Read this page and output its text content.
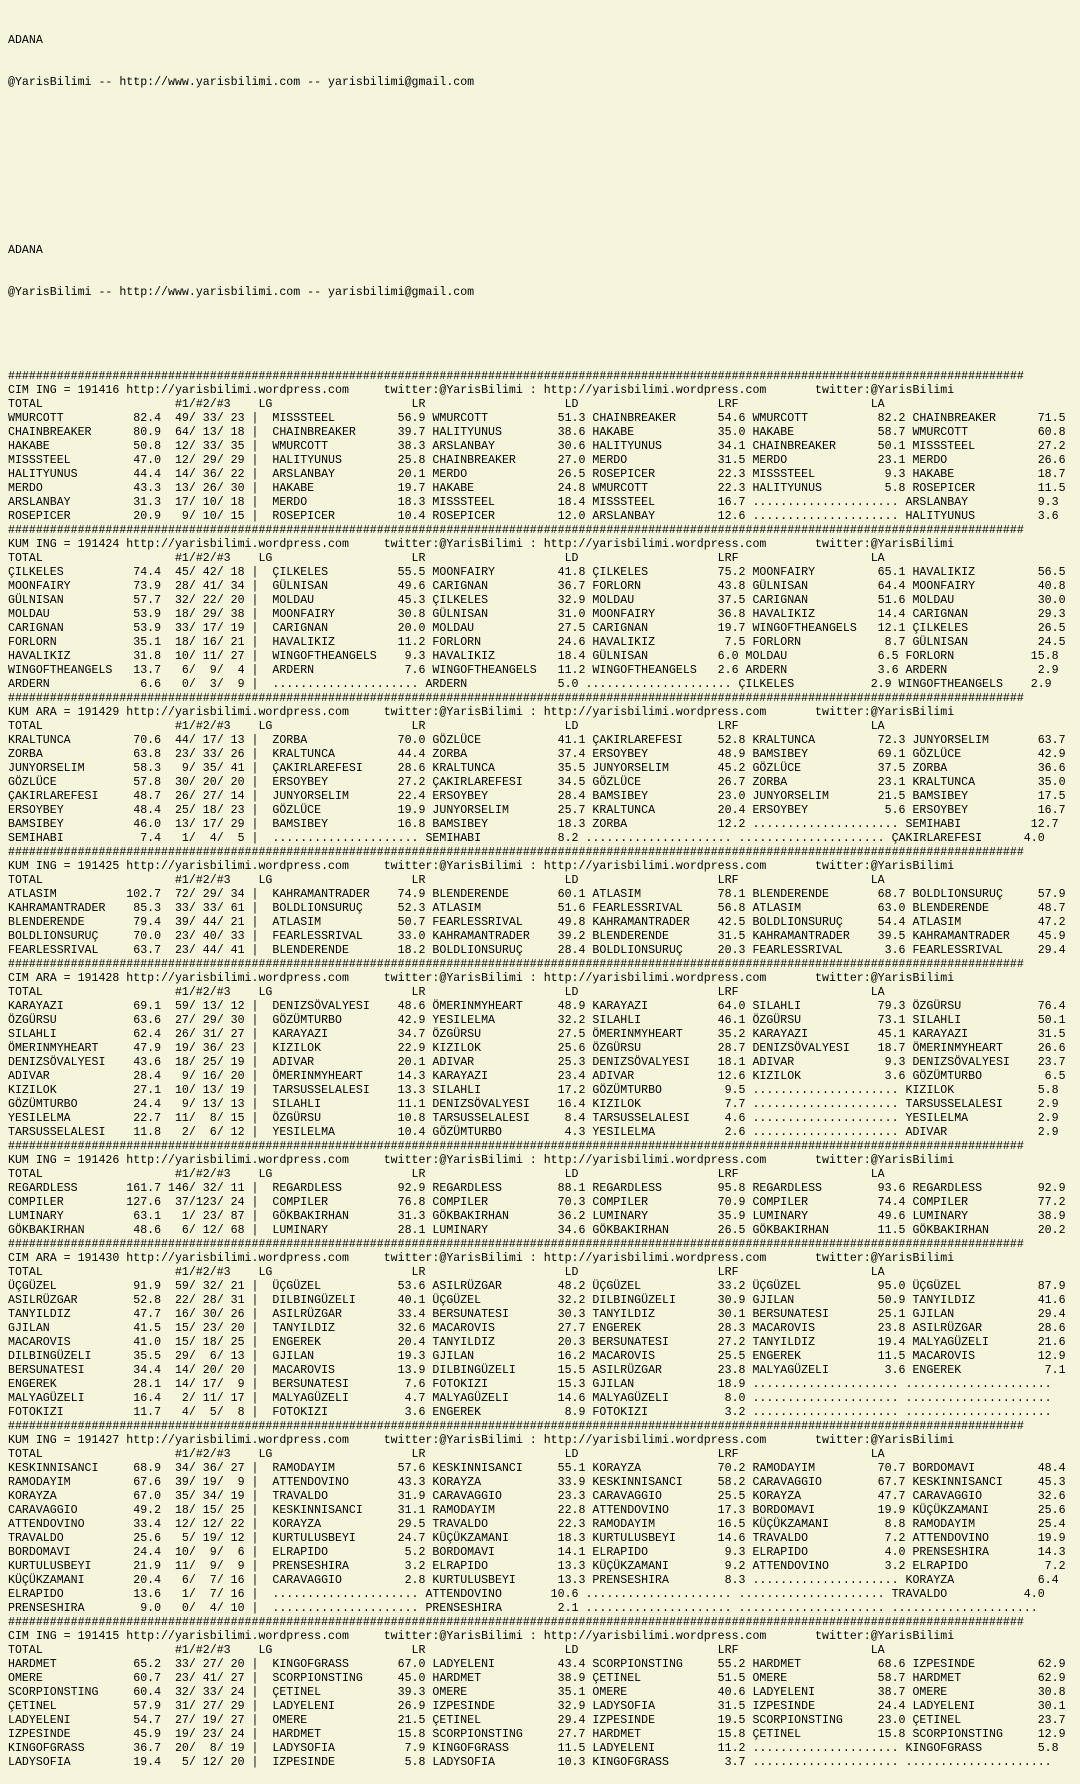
ADANA

@YarisBilimi -- http://www.yarisbilimi.com -- yarisbilimi@gmail.com

ADANA

@YarisBilimi -- http://www.yarisbilimi.com -- yarisbilimi@gmail.com

##################################################################################################################################################
CIM ING = 191416 http://yarisbilimi.wordpress.com     twitter:@YarisBilimi : http://yarisbilimi.wordpress.com       twitter:@YarisBilimi
TOTAL                   #1/#2/#3    LG                    LR                    LD                    LRF                   LA
WMURCOTT          82.4  49/ 33/ 23 |  MISSSTEEL         56.9 WMURCOTT          51.3 CHAINBREAKER      54.6 WMURCOTT          82.2 CHAINBREAKER      71.5
CHAINBREAKER      80.9  64/ 13/ 18 |  CHAINBREAKER      39.7 HALITYUNUS        38.6 HAKABE            35.0 HAKABE            58.7 WMURCOTT          60.8
HAKABE            50.8  12/ 33/ 35 |  WMURCOTT          38.3 ARSLANBAY         30.6 HALITYUNUS        34.1 CHAINBREAKER      50.1 MISSSTEEL         27.2
MISSSTEEL         47.0  12/ 29/ 29 |  HALITYUNUS        25.8 CHAINBREAKER      27.0 MERDO             31.5 MERDO             23.1 MERDO             26.6
HALITYUNUS        44.4  14/ 36/ 22 |  ARSLANBAY         20.1 MERDO             26.5 ROSEPICER         22.3 MISSSTEEL          9.3 HAKABE            18.7
MERDO             43.3  13/ 26/ 30 |  HAKABE            19.7 HAKABE            24.8 WMURCOTT          22.3 HALITYUNUS         5.8 ROSEPICER         11.5
ARSLANBAY         31.3  17/ 10/ 18 |  MERDO             18.3 MISSSTEEL         18.4 MISSSTEEL         16.7 ..................... ARSLANBAY          9.3
ROSEPICER         20.9   9/ 10/ 15 |  ROSEPICER         10.4 ROSEPICER         12.0 ARSLANBAY         12.6 ..................... HALITYUNUS         3.6
##################################################################################################################################################
KUM ING = 191424 http://yarisbilimi.wordpress.com     twitter:@YarisBilimi : http://yarisbilimi.wordpress.com       twitter:@YarisBilimi
TOTAL                   #1/#2/#3    LG                    LR                    LD                    LRF                   LA
ÇILKELES          74.4  45/ 42/ 18 |  ÇILKELES          55.5 MOONFAIRY         41.8 ÇILKELES          75.2 MOONFAIRY         65.1 HAVALIKIZ         56.5
MOONFAIRY         73.9  28/ 41/ 34 |  GÜLNISAN          49.6 CARIGNAN          36.7 FORLORN           43.8 GÜLNISAN          64.4 MOONFAIRY         40.8
GÜLNISAN          57.7  32/ 22/ 20 |  MOLDAU            45.3 ÇILKELES          32.9 MOLDAU            37.5 CARIGNAN          51.6 MOLDAU            30.0
MOLDAU            53.9  18/ 29/ 38 |  MOONFAIRY         30.8 GÜLNISAN          31.0 MOONFAIRY         36.8 HAVALIKIZ         14.4 CARIGNAN          29.3
CARIGNAN          53.9  33/ 17/ 19 |  CARIGNAN          20.0 MOLDAU            27.5 CARIGNAN          19.7 WINGOFTHEANGELS   12.1 ÇILKELES          26.5
FORLORN           35.1  18/ 16/ 21 |  HAVALIKIZ         11.2 FORLORN           24.6 HAVALIKIZ          7.5 FORLORN            8.7 GÜLNISAN          24.5
HAVALIKIZ         31.8  10/ 11/ 27 |  WINGOFTHEANGELS    9.3 HAVALIKIZ         18.4 GÜLNISAN          6.0 MOLDAU             6.5 FORLORN           15.8
WINGOFTHEANGELS   13.7   6/  9/  4 |  ARDERN             7.6 WINGOFTHEANGELS   11.2 WINGOFTHEANGELS   2.6 ARDERN             3.6 ARDERN             2.9
ARDERN             6.6   0/  3/  9 |  ..................... ARDERN             5.0 ..................... ÇILKELES           2.9 WINGOFTHEANGELS    2.9
##################################################################################################################################################
KUM ARA = 191429 http://yarisbilimi.wordpress.com     twitter:@YarisBilimi : http://yarisbilimi.wordpress.com       twitter:@YarisBilimi
TOTAL                   #1/#2/#3    LG                    LR                    LD                    LRF                   LA
KRALTUNCA         70.6  44/ 17/ 13 |  ZORBA             70.0 GÖZLÜCE           41.1 ÇAKIRLAREFESI     52.8 KRALTUNCA         72.3 JUNYORSELIM       63.7
ZORBA             63.8  23/ 33/ 26 |  KRALTUNCA         44.4 ZORBA             37.4 ERSOYBEY          48.9 BAMSIBEY          69.1 GÖZLÜCE           42.9
JUNYORSELIM       58.3   9/ 35/ 41 |  ÇAKIRLAREFESI     28.6 KRALTUNCA         35.5 JUNYORSELIM       45.2 GÖZLÜCE           37.5 ZORBA             36.6
GÖZLÜCE           57.8  30/ 20/ 20 |  ERSOYBEY          27.2 ÇAKIRLAREFESI     34.5 GÖZLÜCE           26.7 ZORBA             23.1 KRALTUNCA         35.0
ÇAKIRLAREFESI     48.7  26/ 27/ 14 |  JUNYORSELIM       22.4 ERSOYBEY          28.4 BAMSIBEY          23.0 JUNYORSELIM       21.5 BAMSIBEY          17.5
ERSOYBEY          48.4  25/ 18/ 23 |  GÖZLÜCE           19.9 JUNYORSELIM       25.7 KRALTUNCA         20.4 ERSOYBEY           5.6 ERSOYBEY          16.7
BAMSIBEY          46.0  13/ 17/ 29 |  BAMSIBEY          16.8 BAMSIBEY          18.3 ZORBA             12.2 ..................... SEMIHABI          12.7
SEMIHABI           7.4   1/  4/  5 |  ..................... SEMIHABI           8.2 ..................... ..................... ÇAKIRLAREFESI      4.0
##################################################################################################################################################
KUM ING = 191425 http://yarisbilimi.wordpress.com     twitter:@YarisBilimi : http://yarisbilimi.wordpress.com       twitter:@YarisBilimi
TOTAL                   #1/#2/#3    LG                    LR                    LD                    LRF                   LA
ATLASIM          102.7  72/ 29/ 34 |  KAHRAMANTRADER    74.9 BLENDERENDE       60.1 ATLASIM           78.1 BLENDERENDE       68.7 BOLDLIONSURUÇ     57.9
KAHRAMANTRADER    85.3  33/ 33/ 61 |  BOLDLIONSURUÇ     52.3 ATLASIM           51.6 FEARLESSRIVAL     56.8 ATLASIM           63.0 BLENDERENDE       48.7
BLENDERENDE       79.4  39/ 44/ 21 |  ATLASIM           50.7 FEARLESSRIVAL     49.8 KAHRAMANTRADER    42.5 BOLDLIONSURUÇ     54.4 ATLASIM           47.2
BOLDLIONSURUÇ     70.0  23/ 40/ 33 |  FEARLESSRIVAL     33.0 KAHRAMANTRADER    39.2 BLENDERENDE       31.5 KAHRAMANTRADER    39.5 KAHRAMANTRADER    45.9
FEARLESSRIVAL     63.7  23/ 44/ 41 |  BLENDERENDE       18.2 BOLDLIONSURUÇ     28.4 BOLDLIONSURUÇ     20.3 FEARLESSRIVAL      3.6 FEARLESSRIVAL     29.4
##################################################################################################################################################
CIM ARA = 191428 http://yarisbilimi.wordpress.com     twitter:@YarisBilimi : http://yarisbilimi.wordpress.com       twitter:@YarisBilimi
TOTAL                   #1/#2/#3    LG                    LR                    LD                    LRF                   LA
KARAYAZI          69.1  59/ 13/ 12 |  DENIZSÖVALYESI    48.6 ÖMERINMYHEART     48.9 KARAYAZI          64.0 SILAHLI           79.3 ÖZGÜRSU           76.4
ÖZGÜRSU           63.6  27/ 29/ 30 |  GÖZÜMTURBO        42.9 YESILELMA         32.2 SILAHLI           46.1 ÖZGÜRSU           73.1 SILAHLI           50.1
SILAHLI           62.4  26/ 31/ 27 |  KARAYAZI          34.7 ÖZGÜRSU           27.5 ÖMERINMYHEART     35.2 KARAYAZI          45.1 KARAYAZI          31.5
ÖMERINMYHEART     47.9  19/ 36/ 23 |  KIZILOK           22.9 KIZILOK           25.6 ÖZGÜRSU           28.7 DENIZSÖVALYESI    18.7 ÖMERINMYHEART     26.6
DENIZSÖVALYESI    43.6  18/ 25/ 19 |  ADIVAR            20.1 ADIVAR            25.3 DENIZSÖVALYESI    18.1 ADIVAR             9.3 DENIZSÖVALYESI    23.7
ADIVAR            28.4   9/ 16/ 20 |  ÖMERINMYHEART     14.3 KARAYAZI          23.4 ADIVAR            12.6 KIZILOK            3.6 GÖZÜMTURBO         6.5
KIZILOK           27.1  10/ 13/ 19 |  TARSUSSELALESI    13.3 SILAHLI           17.2 GÖZÜMTURBO         9.5 ..................... KIZILOK            5.8
GÖZÜMTURBO        24.4   9/ 13/ 13 |  SILAHLI           11.1 DENIZSÖVALYESI    16.4 KIZILOK            7.7 ..................... TARSUSSELALESI     2.9
YESILELMA         22.7  11/  8/ 15 |  ÖZGÜRSU           10.8 TARSUSSELALESI     8.4 TARSUSSELALESI     4.6 ..................... YESILELMA          2.9
TARSUSSELALESI    11.8   2/  6/ 12 |  YESILELMA         10.4 GÖZÜMTURBO         4.3 YESILELMA          2.6 ..................... ADIVAR             2.9
##################################################################################################################################################
KUM ING = 191426 http://yarisbilimi.wordpress.com     twitter:@YarisBilimi : http://yarisbilimi.wordpress.com       twitter:@YarisBilimi
TOTAL                   #1/#2/#3    LG                    LR                    LD                    LRF                   LA
REGARDLESS       161.7 146/ 32/ 11 |  REGARDLESS        92.9 REGARDLESS        88.1 REGARDLESS        95.8 REGARDLESS        93.6 REGARDLESS        92.9
COMPILER         127.6  37/123/ 24 |  COMPILER          76.8 COMPILER          70.3 COMPILER          70.9 COMPILER          74.4 COMPILER          77.2
LUMINARY          63.1   1/ 23/ 87 |  GÖKBAKIRHAN       31.3 GÖKBAKIRHAN       36.2 LUMINARY          35.9 LUMINARY          49.6 LUMINARY          38.9
GÖKBAKIRHAN       48.6   6/ 12/ 68 |  LUMINARY          28.1 LUMINARY          34.6 GÖKBAKIRHAN       26.5 GÖKBAKIRHAN       11.5 GÖKBAKIRHAN       20.2
##################################################################################################################################################
CIM ARA = 191430 http://yarisbilimi.wordpress.com     twitter:@YarisBilimi : http://yarisbilimi.wordpress.com       twitter:@YarisBilimi
TOTAL                   #1/#2/#3    LG                    LR                    LD                    LRF                   LA
ÜÇGÜZEL           91.9  59/ 32/ 21 |  ÜÇGÜZEL           53.6 ASILRÜZGAR        48.2 ÜÇGÜZEL           33.2 ÜÇGÜZEL           95.0 ÜÇGÜZEL           87.9
ASILRÜZGAR        52.8  22/ 28/ 31 |  DILBINGÜZELI      40.1 ÜÇGÜZEL           32.2 DILBINGÜZELI      30.9 GJILAN            50.9 TANYILDIZ         41.6
TANYILDIZ         47.7  16/ 30/ 26 |  ASILRÜZGAR        33.4 BERSUNATESI       30.3 TANYILDIZ         30.1 BERSUNATESI       25.1 GJILAN            29.4
GJILAN            41.5  15/ 23/ 20 |  TANYILDIZ         32.6 MACAROVIS         27.7 ENGEREK           28.3 MACAROVIS         23.8 ASILRÜZGAR        28.6
MACAROVIS         41.0  15/ 18/ 25 |  ENGEREK           20.4 TANYILDIZ         20.3 BERSUNATESI       27.2 TANYILDIZ         19.4 MALYAGÜZELI       21.6
DILBINGÜZELI      35.5  29/  6/ 13 |  GJILAN            19.3 GJILAN            16.2 MACAROVIS         25.5 ENGEREK           11.5 MACAROVIS         12.9
BERSUNATESI       34.4  14/ 20/ 20 |  MACAROVIS         13.9 DILBINGÜZELI      15.5 ASILRÜZGAR        23.8 MALYAGÜZELI        3.6 ENGEREK            7.1
ENGEREK           28.1  14/ 17/  9 |  BERSUNATESI        7.6 FOTOKIZI          15.3 GJILAN            18.9 ..................... .....................
MALYAGÜZELI       16.4   2/ 11/ 17 |  MALYAGÜZELI        4.7 MALYAGÜZELI       14.6 MALYAGÜZELI        8.0 ..................... .....................
FOTOKIZI          11.7   4/  5/  8 |  FOTOKIZI           3.6 ENGEREK            8.9 FOTOKIZI           3.2 ..................... .....................
##################################################################################################################################################
KUM ING = 191427 http://yarisbilimi.wordpress.com     twitter:@YarisBilimi : http://yarisbilimi.wordpress.com       twitter:@YarisBilimi
TOTAL                   #1/#2/#3    LG                    LR                    LD                    LRF                   LA
KESKINNISANCI     68.9  34/ 36/ 27 |  RAMODAYIM         57.6 KESKINNISANCI     55.1 KORAYZA           70.2 RAMODAYIM         70.7 BORDOMAVI         48.4
RAMODAYIM         67.6  39/ 19/  9 |  ATTENDOVINO       43.3 KORAYZA           33.9 KESKINNISANCI     58.2 CARAVAGGIO        67.7 KESKINNISANCI     45.3
KORAYZA           67.0  35/ 34/ 19 |  TRAVALDO          31.9 CARAVAGGIO        23.3 CARAVAGGIO        25.5 KORAYZA           47.7 CARAVAGGIO        32.6
CARAVAGGIO        49.2  18/ 15/ 25 |  KESKINNISANCI     31.1 RAMODAYIM         22.8 ATTENDOVINO       17.3 BORDOMAVI         19.9 KÜÇÜKZAMANI       25.6
ATTENDOVINO       33.4  12/ 12/ 22 |  KORAYZA           29.5 TRAVALDO          22.3 RAMODAYIM         16.5 KÜÇÜKZAMANI        8.8 RAMODAYIM         25.4
TRAVALDO          25.6   5/ 19/ 12 |  KURTULUSBEYI      24.7 KÜÇÜKZAMANI       18.3 KURTULUSBEYI      14.6 TRAVALDO           7.2 ATTENDOVINO       19.9
BORDOMAVI         24.4  10/  9/  6 |  ELRAPIDO           5.2 BORDOMAVI         14.1 ELRAPIDO           9.3 ELRAPIDO           4.0 PRENSESHIRA       14.3
KURTULUSBEYI      21.9  11/  9/  9 |  PRENSESHIRA        3.2 ELRAPIDO          13.3 KÜÇÜKZAMANI        9.2 ATTENDOVINO        3.2 ELRAPIDO           7.2
KÜÇÜKZAMANI       20.4   6/  7/ 16 |  CARAVAGGIO         2.8 KURTULUSBEYI      13.3 PRENSESHIRA        8.3 ..................... KORAYZA            6.4
ELRAPIDO          13.6   1/  7/ 16 |  ..................... ATTENDOVINO       10.6 ..................... ..................... TRAVALDO           4.0
PRENSESHIRA        9.0   0/  4/ 10 |  ..................... PRENSESHIRA        2.1 ..................... ..................... .....................
##################################################################################################################################################
CIM ING = 191415 http://yarisbilimi.wordpress.com     twitter:@YarisBilimi : http://yarisbilimi.wordpress.com       twitter:@YarisBilimi
TOTAL                   #1/#2/#3    LG                    LR                    LD                    LRF                   LA
HARDMET           65.2  33/ 27/ 20 |  KINGOFGRASS       67.0 LADYELENI         43.4 SCORPIONSTING     55.2 HARDMET           68.6 IZPESINDE         62.9
OMERE             60.7  23/ 41/ 27 |  SCORPIONSTING     45.0 HARDMET           38.9 ÇETINEL           51.5 OMERE             58.7 HARDMET           62.9
SCORPIONSTING     60.4  32/ 33/ 24 |  ÇETINEL           39.3 OMERE             35.1 OMERE             40.6 LADYELENI         38.7 OMERE             30.8
ÇETINEL           57.9  31/ 27/ 29 |  LADYELENI         26.9 IZPESINDE         32.9 LADYSOFIA         31.5 IZPESINDE         24.4 LADYELENI         30.1
LADYELENI         54.7  27/ 19/ 27 |  OMERE             21.5 ÇETINEL           29.4 IZPESINDE         19.5 SCORPIONSTING     23.0 ÇETINEL           23.7
IZPESINDE         45.9  19/ 23/ 24 |  HARDMET           15.8 SCORPIONSTING     27.7 HARDMET           15.8 ÇETINEL           15.8 SCORPIONSTING     12.9
KINGOFGRASS       36.7  20/  8/ 19 |  LADYSOFIA          7.9 KINGOFGRASS       11.5 LADYELENI         11.2 ..................... KINGOFGRASS        5.8
LADYSOFIA         19.4   5/ 12/ 20 |  IZPESINDE          5.8 LADYSOFIA         10.3 KINGOFGRASS        3.7 ..................... .....................
